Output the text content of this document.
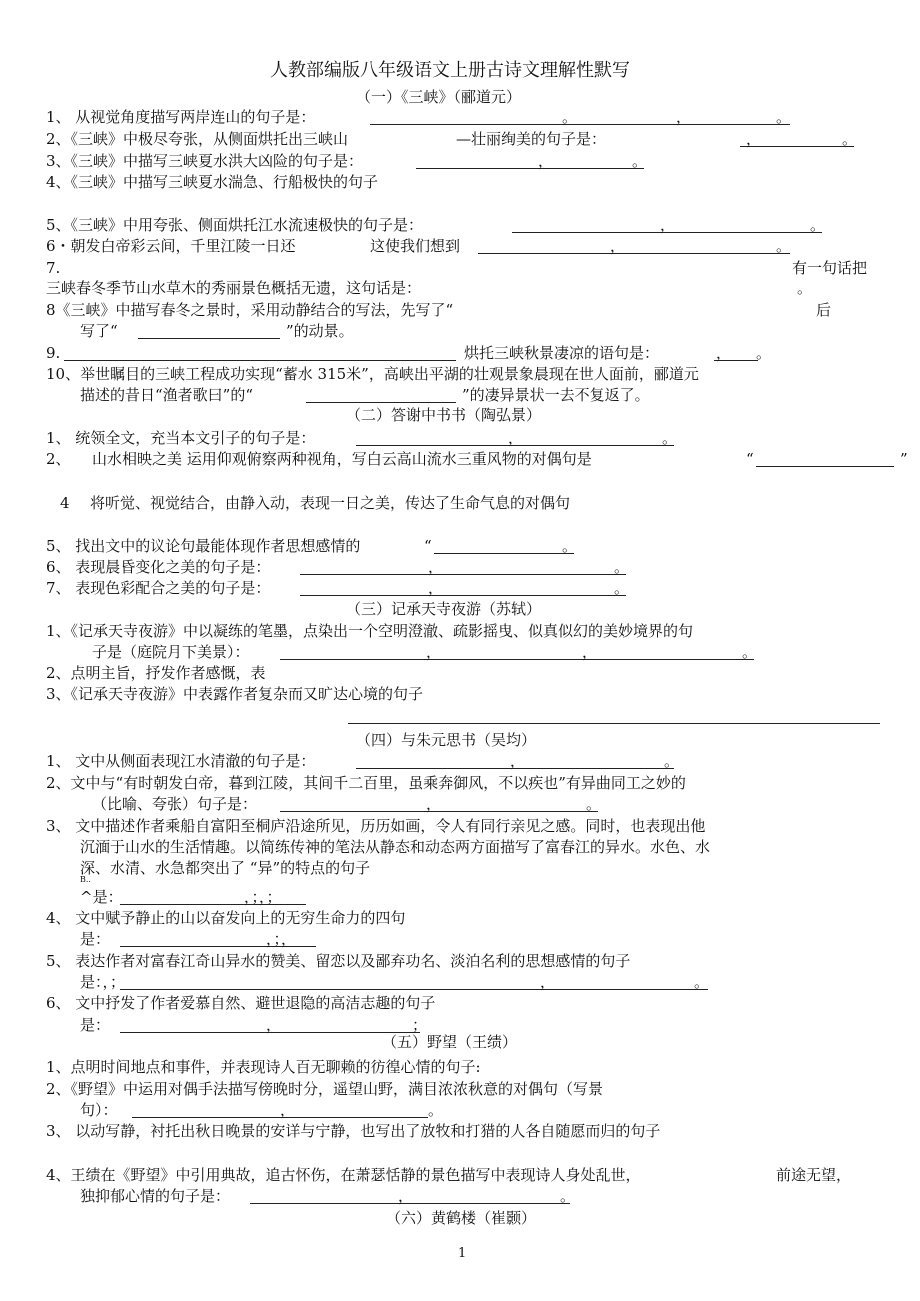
人教部编版八年级语文上册古诗文理解性默写
（一）《三峡》（郦道元）
1、 从视觉角度描写两岸连山的句子是：	。	，	。
2、《三峡》中极尽夸张，从侧面烘托出三峡山	—壮丽绚美的句子是：	，	。
3、《三峡》中描写三峡夏水洪大凶险的句子是：	，	。
4、《三峡》中描写三峡夏水湍急、行船极快的句子
5、《三峡》中用夸张、侧面烘托江水流速极快的句子是：	，	。
6・朝发白帝彩云间，千里江陵一日还	这使我们想到	，	。
7.	有一句话把
三峡春冬季节山水草木的秀丽景色概括无遗，这句话是：	。
8《三峡》中描写春冬之景时，采用动静结合的写法，先写了“	后
写了“	”的动景。
9.	烘托三峡秋景凄凉的语句是：	， 。
10、举世瞩目的三峡工程成功实现“蓄水 315米”，高峡出平湖的壮观景象晨现在世人面前，郦道元
描述的昔日“渔者歌曰”的“	”的凄异景状一去不复返了。
（二）答谢中书书（陶弘景）
1、 统领全文，充当本文引子的句子是：	，	。
2、 山水相映之美 运用仰观俯察两种视角，写白云高山流水三重风物的对偶句是	“	”
4 将听觉、视觉结合，由静入动，表现一日之美，传达了生命气息的对偶句
5、 找出文中的议论句最能体现作者思想感情的	“	。
6、 表现晨昏变化之美的句子是：	，	。
7、 表现色彩配合之美的句子是：	，	。
（三）记承天寺夜游（苏轼）
1、《记承天寺夜游》中以凝练的笔墨，点染出一个空明澄澈、疏影摇曳、似真似幻的美妙境界的句
子是（庭院月下美景）：	，	，	。
2、点明主旨，抒发作者感慨，表
3、《记承天寺夜游》中表露作者复杂而又旷达心境的句子
（四）与朱元思书（吴均）
1、 文中从侧面表现江水清澈的句子是：	，	。
2、文中与“有时朝发白帝，暮到江陵，其间千二百里，虽乘奔御风，不以疾也”有异曲同工之妙的
（比喻、夸张）句子是：	，	。
3、 文中描述作者乘船自富阳至桐庐沿途所见，历历如画，令人有同行亲见之感。同时，也表现出他
沉湎于山水的生活情趣。以简练传神的笔法从静态和动态两方面描写了富春江的异水。水色、水
深、水清、水急都突出了 “异”的特点的句子
B..
^是：	，；，；
4、 文中赋予静止的山以奋发向上的无穷生命力的四句
是：	，；，
5、 表达作者对富春江奇山异水的赞美、留恋以及鄙弃功名、淡泊名利的思想感情的句子
是：，；	，	。
6、 文中抒发了作者爱慕自然、避世退隐的高洁志趣的句子
是：	，	；
（五）野望（王绩）
1、点明时间地点和事件，并表现诗人百无聊赖的彷徨心情的句子:
2、《野望》中运用对偶手法描写傍晚时分，遥望山野，满目浓浓秋意的对偶句（写景
句）：	，	。
3、 以动写静，衬托出秋日晚景的安详与宁静，也写出了放牧和打猎的人各自随愿而归的句子
4、王绩在《野望》中引用典故，追古怀伤，在萧瑟恬静的景色描写中表现诗人身处乱世，	前途无望，
独抑郁心情的句子是：	，	。
（六）黄鹤楼（崔颢）
1
